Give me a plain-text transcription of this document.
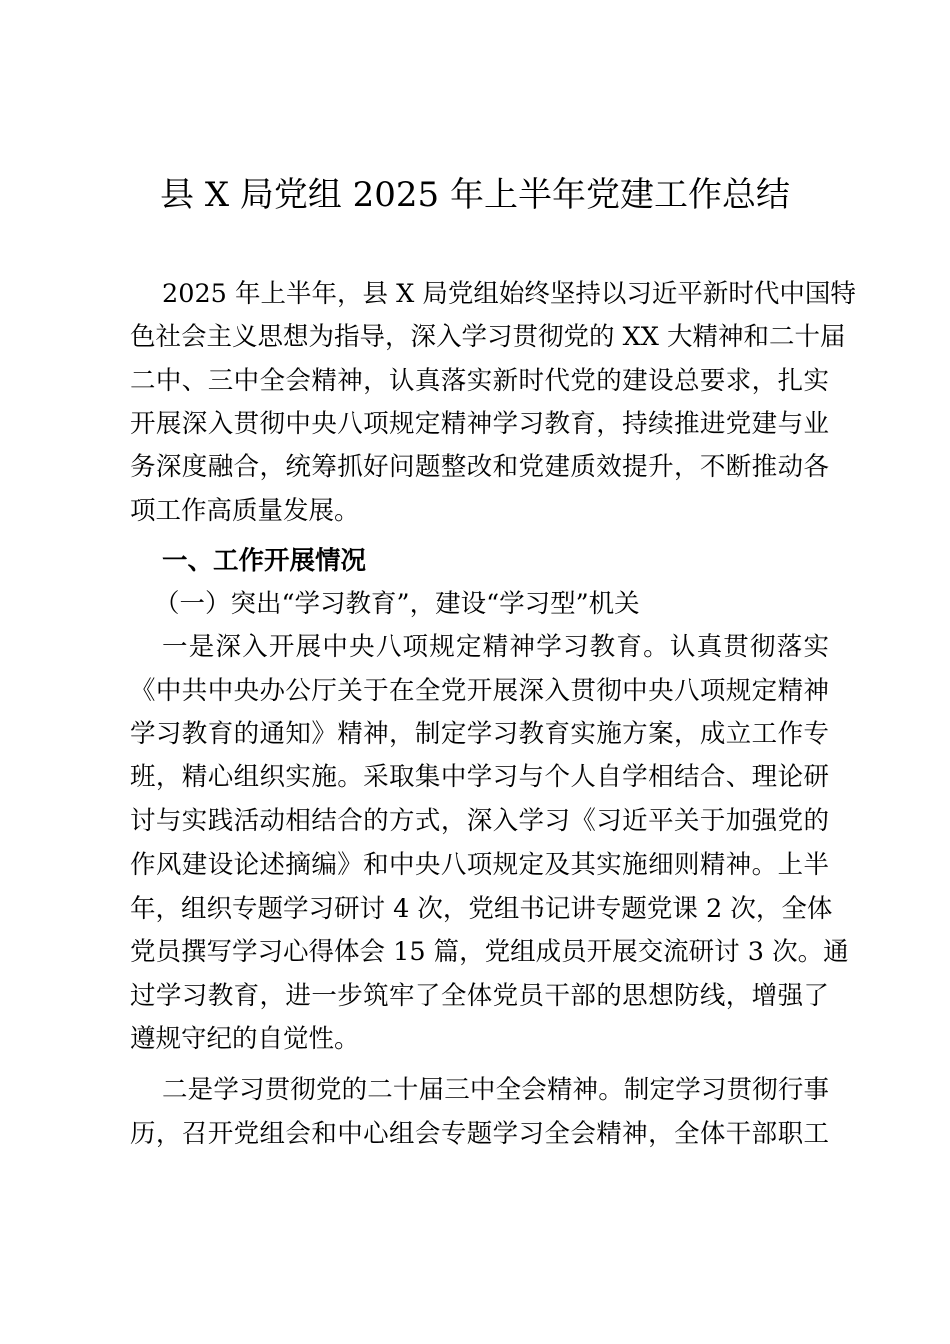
县 X 局党组 2025 年上半年党建工作总结
2025 年上半年，县 X 局党组始终坚持以习近平新时代中国特
色社会主义思想为指导，深入学习贯彻党的 XX 大精神和二十届
二中、三中全会精神，认真落实新时代党的建设总要求，扎实
开展深入贯彻中央八项规定精神学习教育，持续推进党建与业
务深度融合，统筹抓好问题整改和党建质效提升，不断推动各
项工作高质量发展。
一、工作开展情况
（一）突出“学习教育”，建设“学习型”机关
一是深入开展中央八项规定精神学习教育。认真贯彻落实
《中共中央办公厅关于在全党开展深入贯彻中央八项规定精神
学习教育的通知》精神，制定学习教育实施方案，成立工作专
班，精心组织实施。采取集中学习与个人自学相结合、理论研
讨与实践活动相结合的方式，深入学习《习近平关于加强党的
作风建设论述摘编》和中央八项规定及其实施细则精神。上半
年，组织专题学习研讨 4 次，党组书记讲专题党课 2 次，全体
党员撰写学习心得体会 15 篇，党组成员开展交流研讨 3 次。通
过学习教育，进一步筑牢了全体党员干部的思想防线，增强了
遵规守纪的自觉性。
二是学习贯彻党的二十届三中全会精神。制定学习贯彻行事
历，召开党组会和中心组会专题学习全会精神，全体干部职工
